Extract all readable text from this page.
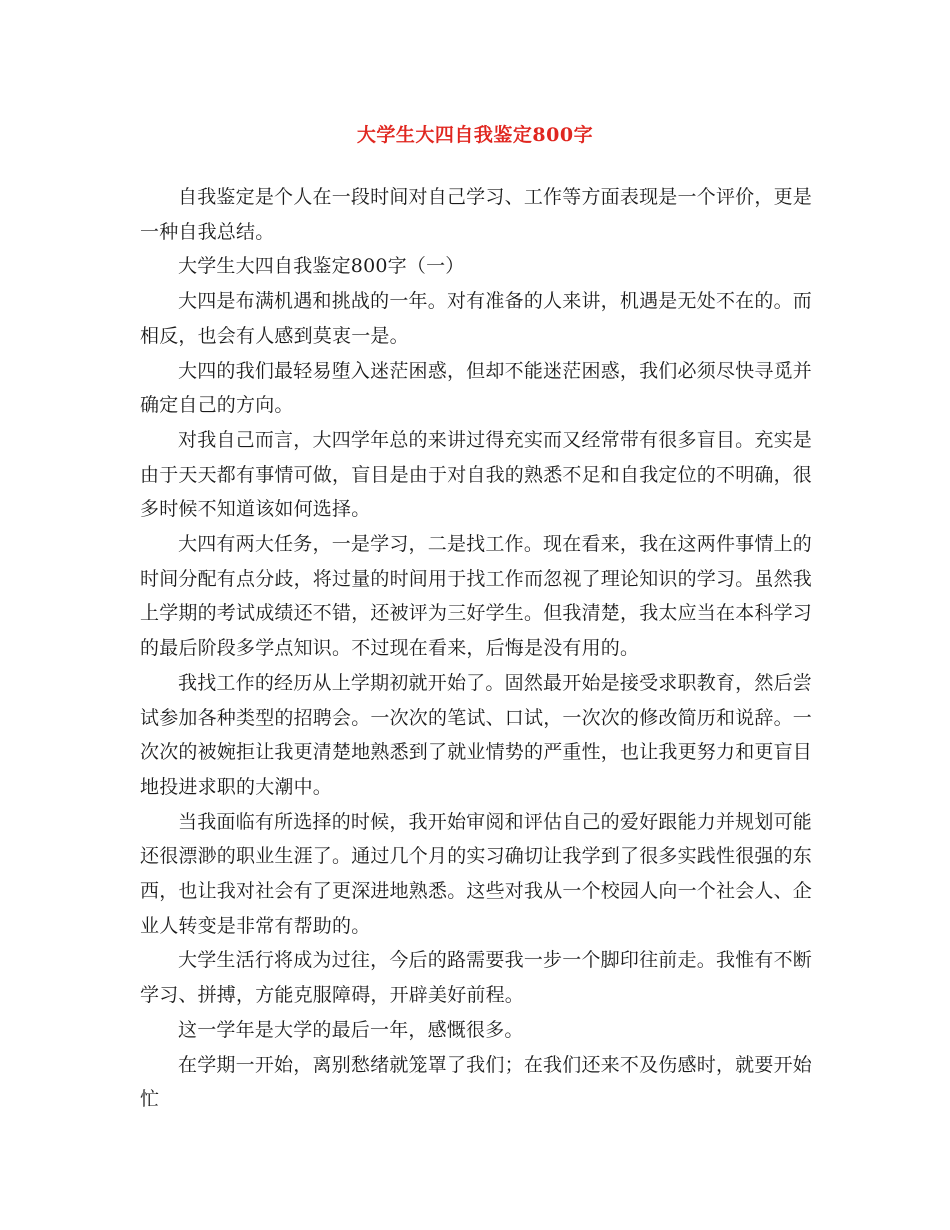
大学生大四自我鉴定800字

自我鉴定是个人在一段时间对自己学习、工作等方面表现是一个评价，更是一种自我总结。

大学生大四自我鉴定800字（一）

大四是布满机遇和挑战的一年。对有准备的人来讲，机遇是无处不在的。而相反，也会有人感到莫衷一是。

大四的我们最轻易堕入迷茫困惑，但却不能迷茫困惑，我们必须尽快寻觅并确定自己的方向。

对我自己而言，大四学年总的来讲过得充实而又经常带有很多盲目。充实是由于天天都有事情可做，盲目是由于对自我的熟悉不足和自我定位的不明确，很多时候不知道该如何选择。

大四有两大任务，一是学习，二是找工作。现在看来，我在这两件事情上的时间分配有点分歧，将过量的时间用于找工作而忽视了理论知识的学习。虽然我上学期的考试成绩还不错，还被评为三好学生。但我清楚，我太应当在本科学习的最后阶段多学点知识。不过现在看来，后悔是没有用的。

我找工作的经历从上学期初就开始了。固然最开始是接受求职教育，然后尝试参加各种类型的招聘会。一次次的笔试、口试，一次次的修改简历和说辞。一次次的被婉拒让我更清楚地熟悉到了就业情势的严重性，也让我更努力和更盲目地投进求职的大潮中。

当我面临有所选择的时候，我开始审阅和评估自己的爱好跟能力并规划可能还很漂渺的职业生涯了。通过几个月的实习确切让我学到了很多实践性很强的东西，也让我对社会有了更深进地熟悉。这些对我从一个校园人向一个社会人、企业人转变是非常有帮助的。

大学生活行将成为过往，今后的路需要我一步一个脚印往前走。我惟有不断学习、拼搏，方能克服障碍，开辟美好前程。

这一学年是大学的最后一年，感慨很多。

在学期一开始，离别愁绪就笼罩了我们；在我们还来不及伤感时，就要开始忙
